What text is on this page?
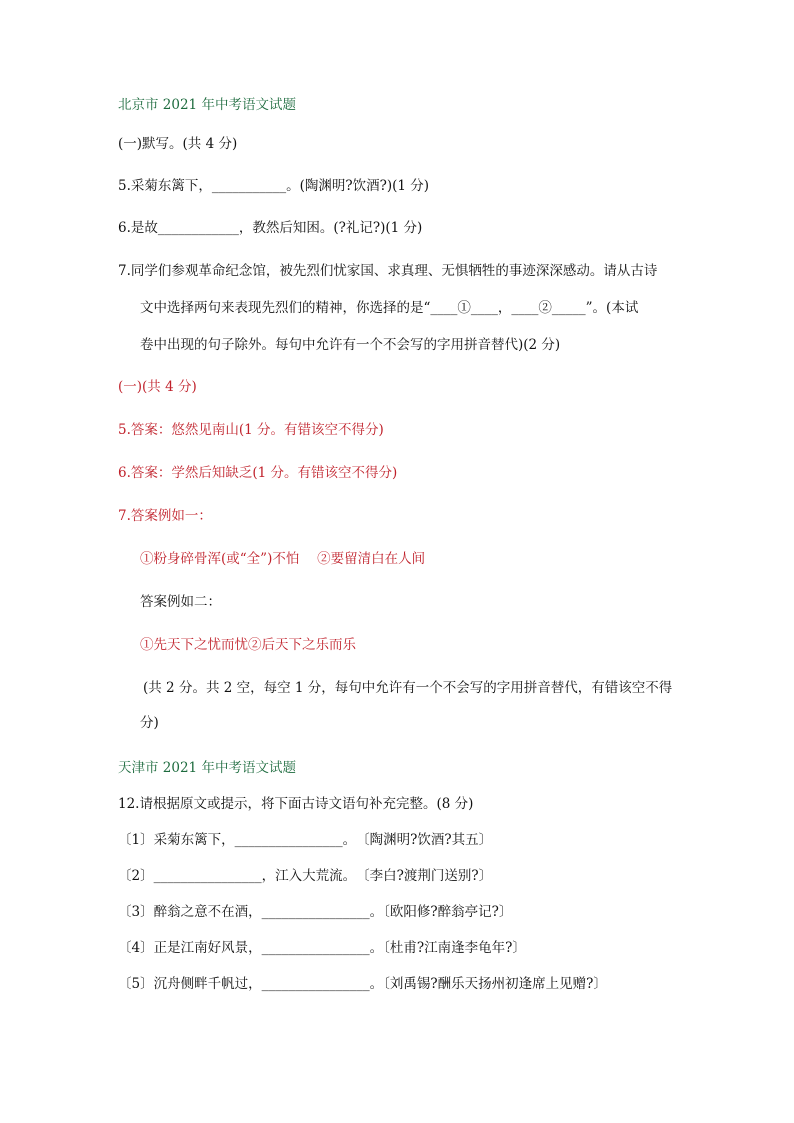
北京市 2021 年中考语文试题
(一)默写。(共 4 分)
5.采菊东篱下，___________。(陶渊明?饮酒?)(1 分)
6.是故____________，教然后知困。(?礼记?)(1 分)
7.同学们参观革命纪念馆，被先烈们忧家国、求真理、无惧牺牲的事迹深深感动。请从古诗
文中选择两句来表现先烈们的精神，你选择的是“____①____，____②_____”。(本试
卷中出现的句子除外。每句中允许有一个不会写的字用拼音替代)(2 分)
(一)(共 4 分)
5.答案：悠然见南山(1 分。有错该空不得分)
6.答案：学然后知缺乏(1 分。有错该空不得分)
7.答案例如一：
①粉身碎骨浑(或“全”)不怕　 ②要留清白在人间
答案例如二：
①先天下之忧而忧②后天下之乐而乐
(共 2 分。共 2 空，每空 1 分，每句中允许有一个不会写的字用拼音替代，有错该空不得
分)
天津市 2021 年中考语文试题
12.请根据原文或提示，将下面古诗文语句补充完整。(8 分)
〔1〕采菊东篱下，________________。　〔陶渊明?饮酒?其五〕
〔2〕________________，江入大荒流。　〔李白?渡荆门送别?〕
〔3〕醉翁之意不在酒，________________。〔欧阳修?醉翁亭记?〕
〔4〕正是江南好风景，________________。〔杜甫?江南逢李龟年?〕
〔5〕沉舟侧畔千帆过，________________。〔刘禹锡?酬乐天扬州初逢席上见赠?〕
